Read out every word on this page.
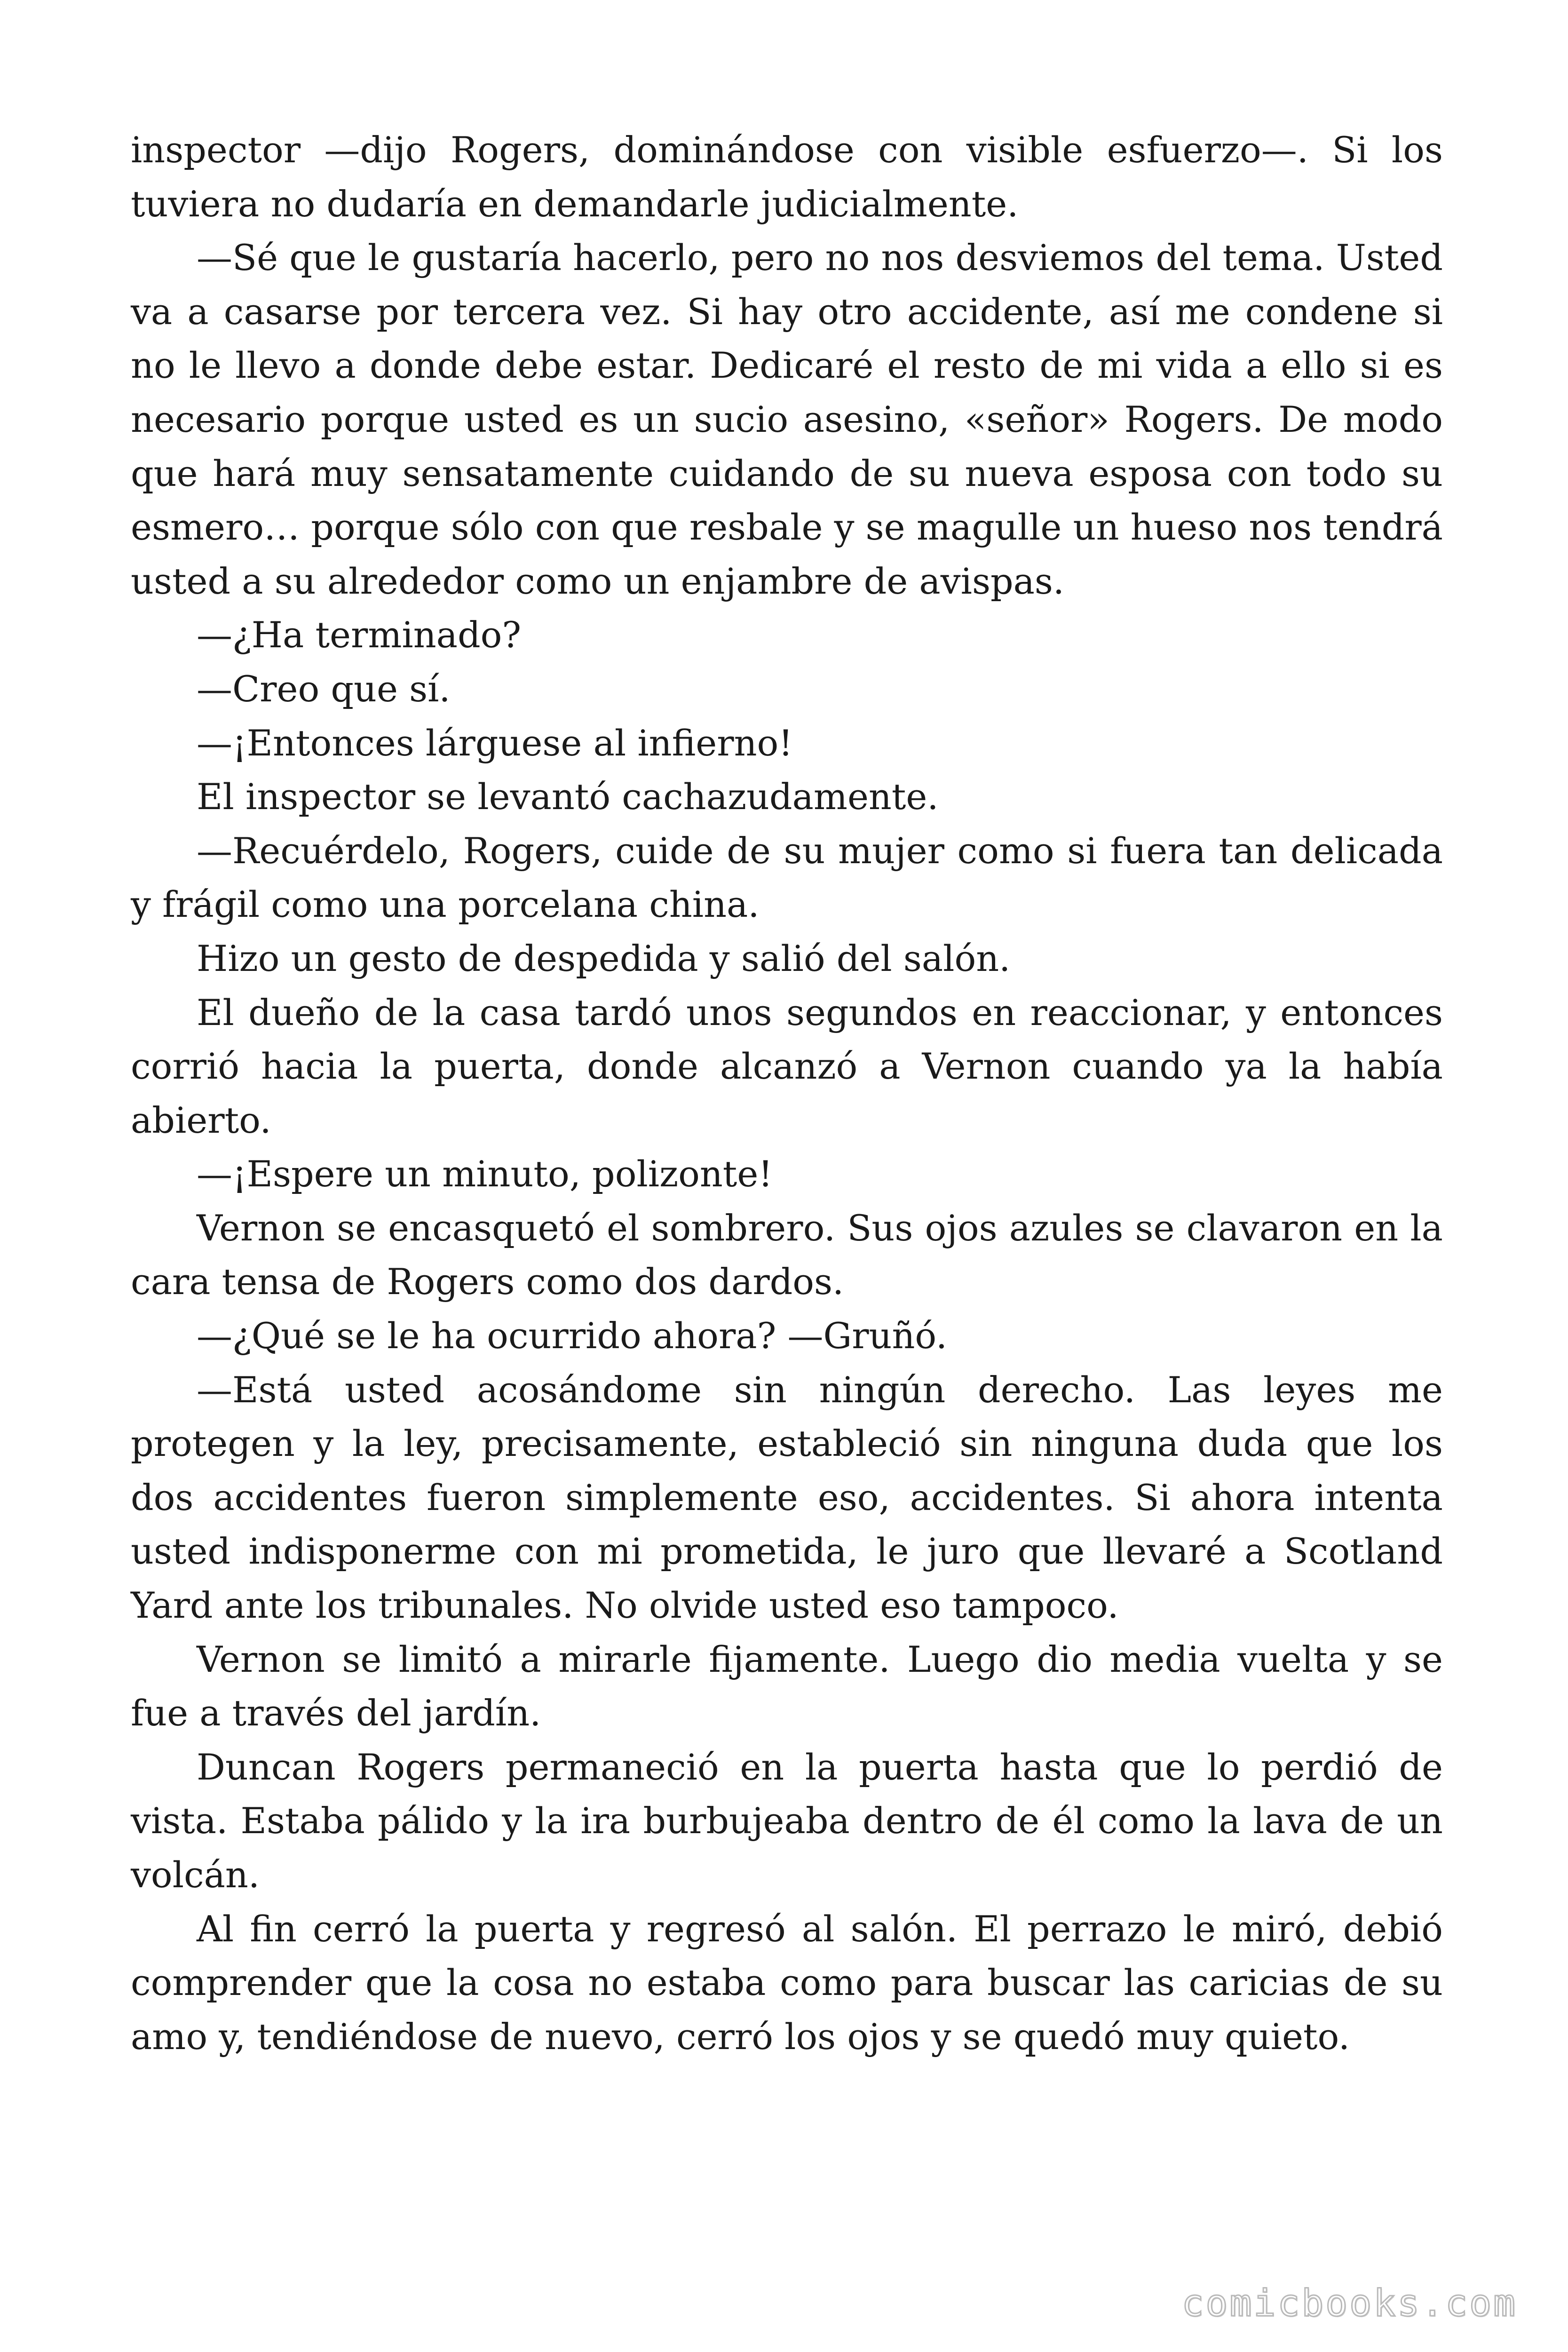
inspector —dijo Rogers, dominándose con visible esfuerzo—. Si los tuviera no dudaría en demandarle judicialmente.

—Sé que le gustaría hacerlo, pero no nos desviemos del tema. Usted va a casarse por tercera vez. Si hay otro accidente, así me condene si no le llevo a donde debe estar. Dedicaré el resto de mi vida a ello si es necesario porque usted es un sucio asesino, «señor» Rogers. De modo que hará muy sensatamente cuidando de su nueva esposa con todo su esmero… porque sólo con que resbale y se magulle un hueso nos tendrá usted a su alrededor como un enjambre de avispas.

—¿Ha terminado?

—Creo que sí.

—¡Entonces lárguese al infierno!

El inspector se levantó cachazudamente.

—Recuérdelo, Rogers, cuide de su mujer como si fuera tan delicada y frágil como una porcelana china.

Hizo un gesto de despedida y salió del salón.

El dueño de la casa tardó unos segundos en reaccionar, y entonces corrió hacia la puerta, donde alcanzó a Vernon cuando ya la había abierto.

—¡Espere un minuto, polizonte!

Vernon se encasquetó el sombrero. Sus ojos azules se clavaron en la cara tensa de Rogers como dos dardos.

—¿Qué se le ha ocurrido ahora? —Gruñó.

—Está usted acosándome sin ningún derecho. Las leyes me protegen y la ley, precisamente, estableció sin ninguna duda que los dos accidentes fueron simplemente eso, accidentes. Si ahora intenta usted indisponerme con mi prometida, le juro que llevaré a Scotland Yard ante los tribunales. No olvide usted eso tampoco.

Vernon se limitó a mirarle fijamente. Luego dio media vuelta y se fue a través del jardín.

Duncan Rogers permaneció en la puerta hasta que lo perdió de vista. Estaba pálido y la ira burbujeaba dentro de él como la lava de un volcán.

Al fin cerró la puerta y regresó al salón. El perrazo le miró, debió comprender que la cosa no estaba como para buscar las caricias de su amo y, tendiéndose de nuevo, cerró los ojos y se quedó muy quieto.

comicbooks.com
